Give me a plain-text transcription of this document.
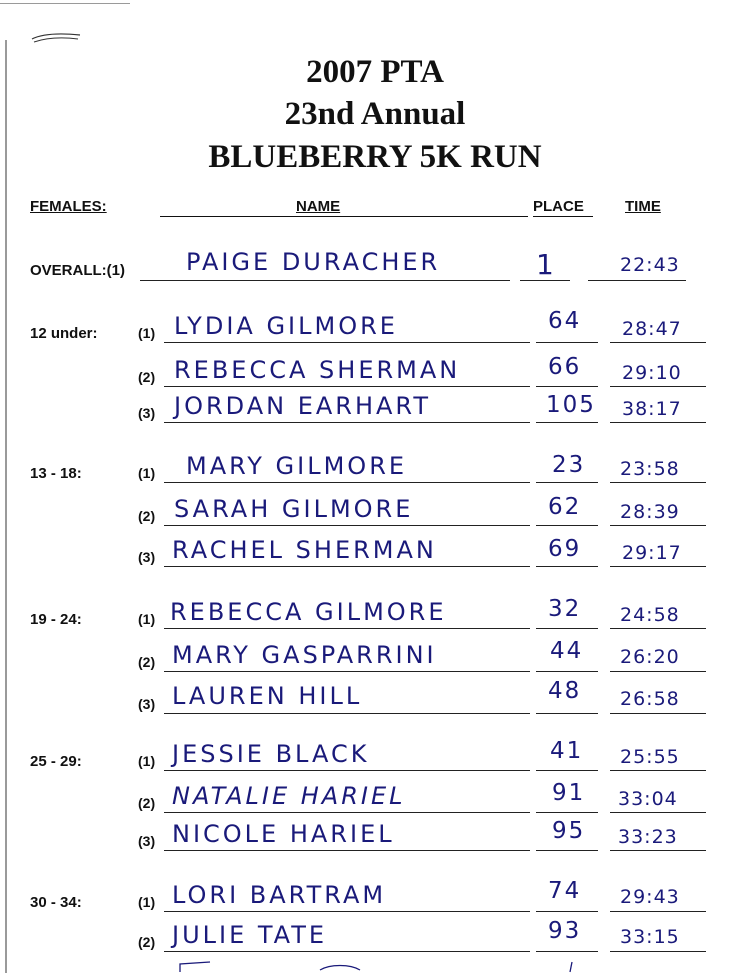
2007 PTA
23nd Annual
BLUEBERRY 5K RUN
FEMALES:	NAME	PLACE	TIME
OVERALL:(1)	PAIGE DURACHER	1	22:43
12 under:	(1) LYDIA GILMORE	64 28:47
(2) REBECCA SHERMAN	66 29:10
(3) JORDAN EARHART	105 38:17
13 - 18:	(1) MARY GILMORE	23 23:58
(2) SARAH GILMORE	62 28:39
(3) RACHEL SHERMAN	69 29:17
19 - 24:	(1) REBECCA GILMORE	32 24:58
(2) MARY GASPARRINI	44 26:20
(3) LAUREN HILL	48 26:58
25 - 29:	(1) JESSIE BLACK	41 25:55
(2) NATALIE HARIEL	91 33:04
(3) NICOLE HARIEL	95 33:23
30 - 34:	(1) LORI BARTRAM	74 29:43
(2) JULIE TATE	93 33:15
